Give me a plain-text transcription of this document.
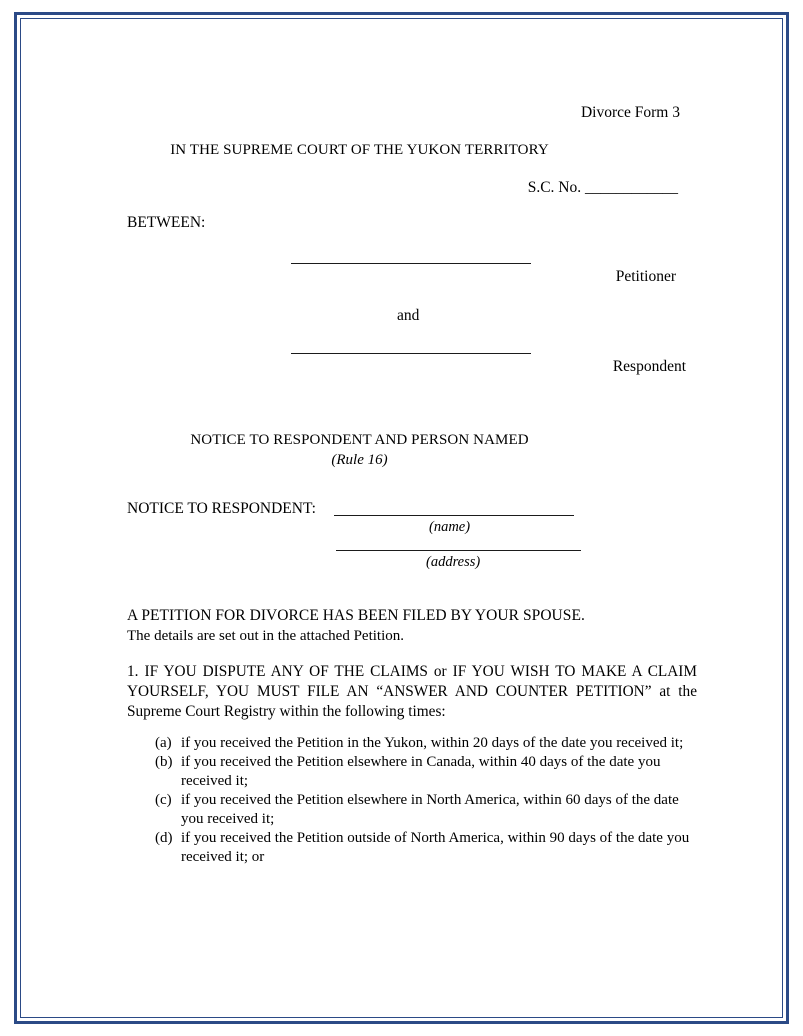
Divorce Form 3
IN THE SUPREME COURT OF THE YUKON TERRITORY
S.C. No. ____________
BETWEEN:
Petitioner
and
Respondent
NOTICE TO RESPONDENT AND PERSON NAMED
(Rule 16)
NOTICE TO RESPONDENT:
(name)
(address)
A PETITION FOR DIVORCE HAS BEEN FILED BY YOUR SPOUSE.
The details are set out in the attached Petition.
1. IF YOU DISPUTE ANY OF THE CLAIMS or IF YOU WISH TO MAKE A CLAIM YOURSELF, YOU MUST FILE AN “ANSWER AND COUNTER PETITION” at the Supreme Court Registry within the following times:
(a) if you received the Petition in the Yukon, within 20 days of the date you received it;
(b) if you received the Petition elsewhere in Canada, within 40 days of the date you received it;
(c) if you received the Petition elsewhere in North America, within 60 days of the date you received it;
(d) if you received the Petition outside of North America, within 90 days of the date you received it; or
